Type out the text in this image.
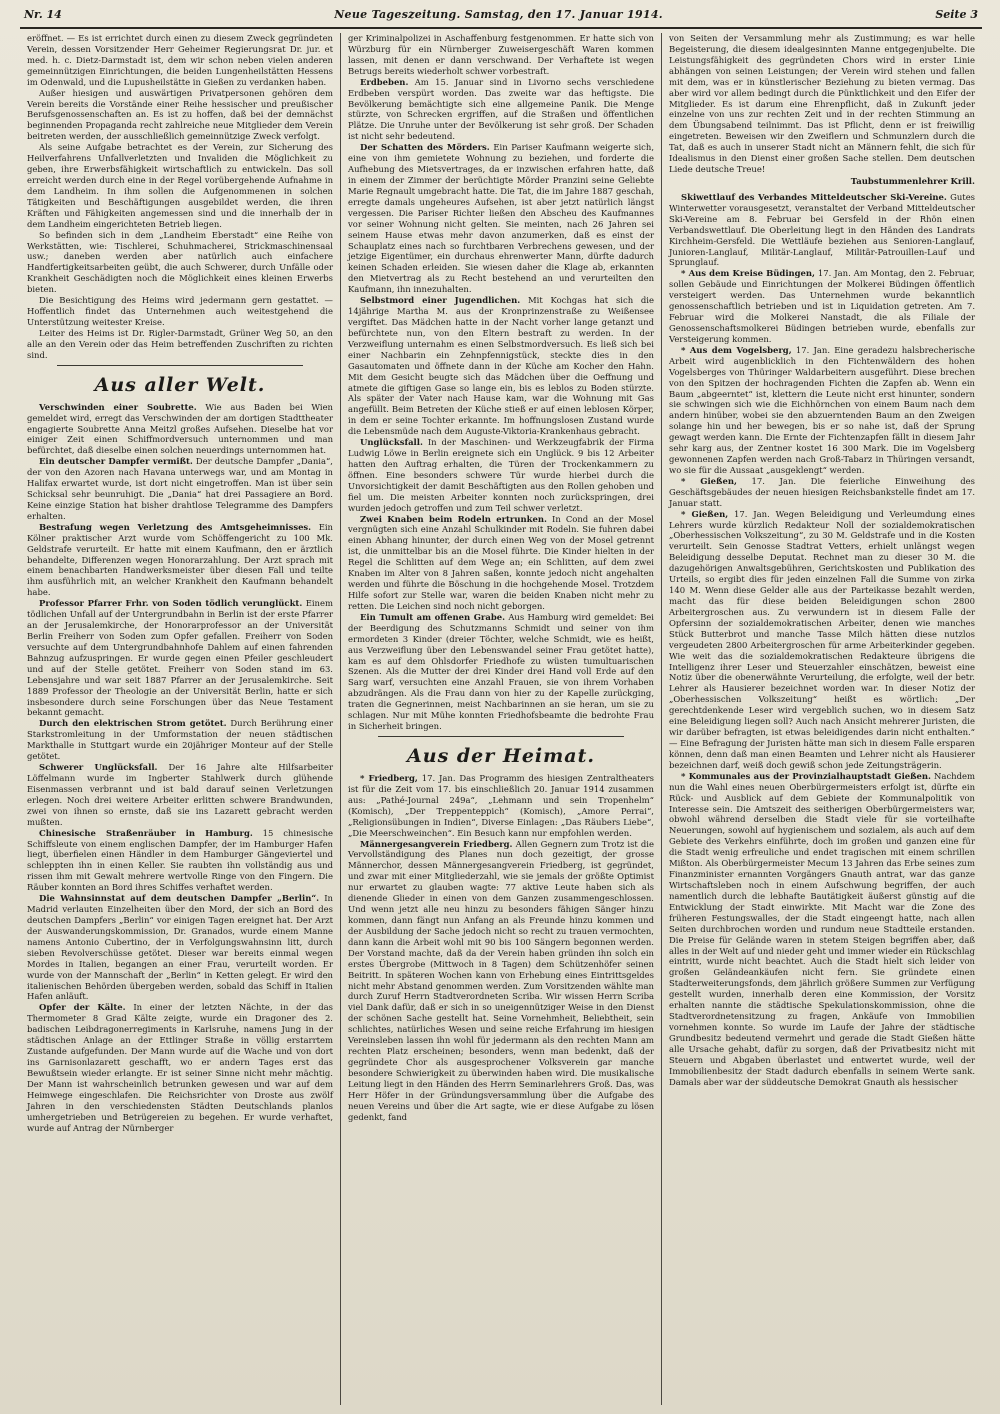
Nr. 14	Neue Tageszeitung. Samstag, den 17. Januar 1914.	Seite 3

eröffnet. — Es ist errichtet durch einen zu diesem Zweck gegründeten Verein, dessen Vorsitzender Herr Geheimer Regierungsrat Dr. jur. et med. h. c. Dietz-Darmstadt ist, dem wir schon neben vielen anderen gemeinnützigen Einrichtungen, die beiden Lungenheilstätten Hessens im Odenwald, und die Lupusheilstätte in Gießen zu verdanken haben.

Außer hiesigen und auswärtigen Privatpersonen gehören dem Verein bereits die Vorstände einer Reihe hessischer und preußischer Berufsgenossenschaften an. Es ist zu hoffen, daß bei der demnächst beginnenden Propaganda recht zahlreiche neue Mitglieder dem Verein beitreten werden, der ausschließlich gemeinnützige Zweck verfolgt.

Als seine Aufgabe betrachtet es der Verein, zur Sicherung des Heilverfahrens Unfallverletzten und Invaliden die Möglichkeit zu geben, ihre Erwerbsfähigkeit wirtschaftlich zu entwickeln. Das soll erreicht werden durch eine in der Regel vorübergehende Aufnahme in dem Landheim. In ihm sollen die Aufgenommenen in solchen Tätigkeiten und Beschäftigungen ausgebildet werden, die ihren Kräften und Fähigkeiten angemessen sind und die innerhalb der in dem Landheim eingerichteten Betrieb liegen.

So befinden sich in dem „Landheim Eberstadt“ eine Reihe von Werkstätten, wie: Tischlerei, Schuhmacherei, Strickmaschinensaal usw.; daneben werden aber natürlich auch einfachere Handfertigkeitsarbeiten geübt, die auch Schwerer, durch Unfälle oder Krankheit Geschädigten noch die Möglichkeit eines kleinen Erwerbs bieten.

Die Besichtigung des Heims wird jedermann gern gestattet. — Hoffentlich findet das Unternehmen auch weitestgehend die Unterstützung weitester Kreise.

Leiter des Heims ist Dr. Rigler-Darmstadt, Grüner Weg 50, an den alle an den Verein oder das Heim betreffenden Zuschriften zu richten sind.

Aus aller Welt.

Verschwinden einer Soubrette. Wie aus Baden bei Wien gemeldet wird, erregt das Verschwinden der am dortigen Stadttheater engagierte Soubrette Anna Meitzl großes Aufsehen. Dieselbe hat vor einiger Zeit einen Schiffmordversuch unternommen und man befürchtet, daß dieselbe einen solchen neuerdings unternommen hat.

Ein deutscher Dampfer vermißt. Der deutsche Dampfer „Dania“, der von den Azoren nach Havana unterwegs war, und am Montag in Halifax erwartet wurde, ist dort nicht eingetroffen. Man ist über sein Schicksal sehr beunruhigt. Die „Dania“ hat drei Passagiere an Bord. Keine einzige Station hat bisher drahtlose Telegramme des Dampfers erhalten.

Bestrafung wegen Verletzung des Amtsgeheimnisses. Ein Kölner praktischer Arzt wurde vom Schöffengericht zu 100 Mk. Geldstrafe verurteilt. Er hatte mit einem Kaufmann, den er ärztlich behandelte, Differenzen wegen Honorarzahlung. Der Arzt sprach mit einem benachbarten Handwerksmeister über diesen Fall und teilte ihm ausführlich mit, an welcher Krankheit den Kaufmann behandelt habe.

Professor Pfarrer Frhr. von Soden tödlich verunglückt. Einem tödlichen Unfall auf der Untergrundbahn in Berlin ist der erste Pfarrer an der Jerusalemkirche, der Honorarprofessor an der Universität Berlin Freiherr von Soden zum Opfer gefallen. Freiherr von Soden versuchte auf dem Untergrundbahnhofe Dahlem auf einen fahrenden Bahnzug aufzuspringen. Er wurde gegen einen Pfeiler geschleudert und auf der Stelle getötet. Freiherr von Soden stand im 63. Lebensjahre und war seit 1887 Pfarrer an der Jerusalemkirche. Seit 1889 Professor der Theologie an der Universität Berlin, hatte er sich insbesondere durch seine Forschungen über das Neue Testament bekannt gemacht.

Durch den elektrischen Strom getötet. Durch Berührung einer Starkstromleitung in der Umformstation der neuen städtischen Markthalle in Stuttgart wurde ein 20jähriger Monteur auf der Stelle getötet.

Schwerer Unglücksfall. Der 16 Jahre alte Hilfsarbeiter Löffelmann wurde im Ingberter Stahlwerk durch glühende Eisenmassen verbrannt und ist bald darauf seinen Verletzungen erlegen. Noch drei weitere Arbeiter erlitten schwere Brandwunden, zwei von ihnen so ernste, daß sie ins Lazarett gebracht werden mußten.

Chinesische Straßenräuber in Hamburg. 15 chinesische Schiffsleute von einem englischen Dampfer, der im Hamburger Hafen liegt, überfielen einen Händler in dem Hamburger Gängeviertel und schleppten ihn in einen Keller. Sie raubten ihn vollständig aus und rissen ihm mit Gewalt mehrere wertvolle Ringe von den Fingern. Die Räuber konnten an Bord ihres Schiffes verhaftet werden.

Die Wahnsinnstat auf dem deutschen Dampfer „Berlin“. In Madrid verlauten Einzelheiten über den Mord, der sich an Bord des deutschen Dampfers „Berlin“ vor einigen Tagen ereignet hat. Der Arzt der Auswanderungskommission, Dr. Granados, wurde einem Manne namens Antonio Cubertino, der in Verfolgungswahnsinn litt, durch sieben Revolverschüsse getötet. Dieser war bereits einmal wegen Mordes in Italien, begangen an einer Frau, verurteilt worden. Er wurde von der Mannschaft der „Berlin“ in Ketten gelegt. Er wird den italienischen Behörden übergeben werden, sobald das Schiff in Italien Hafen anläuft.

Opfer der Kälte. In einer der letzten Nächte, in der das Thermometer 8 Grad Kälte zeigte, wurde ein Dragoner des 2. badischen Leibdragonerregiments in Karlsruhe, namens Jung in der städtischen Anlage an der Ettlinger Straße in völlig erstarrtem Zustande aufgefunden. Der Mann wurde auf die Wache und von dort ins Garnisonlazarett geschafft, wo er andern Tages erst das Bewußtsein wieder erlangte. Er ist seiner Sinne nicht mehr mächtig. Der Mann ist wahrscheinlich betrunken gewesen und war auf dem Heimwege eingeschlafen. Die Reichsrichter von Droste aus zwölf Jahren in den verschiedensten Städten Deutschlands planlos umhergetrieben und Betrügereien zu begehen. Er wurde verhaftet, wurde auf Antrag der Nürnberger

ger Kriminalpolizei in Aschaffenburg festgenommen. Er hatte sich von Würzburg für ein Nürnberger Zuweisergeschäft Waren kommen lassen, mit denen er dann verschwand. Der Verhaftete ist wegen Betrugs bereits wiederholt schwer vorbestraft.

Erdbeben. Am 15. Januar sind in Livorno sechs verschiedene Erdbeben verspürt worden. Das zweite war das heftigste. Die Bevölkerung bemächtigte sich eine allgemeine Panik. Die Menge stürzte, von Schrecken ergriffen, auf die Straßen und öffentlichen Plätze. Die Unruhe unter der Bevölkerung ist sehr groß. Der Schaden ist nicht sehr bedeutend.

Der Schatten des Mörders. Ein Pariser Kaufmann weigerte sich, eine von ihm gemietete Wohnung zu beziehen, und forderte die Aufhebung des Mietsvertrages, da er inzwischen erfahren hatte, daß in einem der Zimmer der berüchtigte Mörder Pranzini seine Geliebte Marie Regnault umgebracht hatte. Die Tat, die im Jahre 1887 geschah, erregte damals ungeheures Aufsehen, ist aber jetzt natürlich längst vergessen. Die Pariser Richter ließen den Abscheu des Kaufmannes vor seiner Wohnung nicht gelten. Sie meinten, nach 26 Jahren sei seinem Hause etwas mehr davon anzumerken, daß es einst der Schauplatz eines nach so furchtbaren Verbrechens gewesen, und der jetzige Eigentümer, ein durchaus ehrenwerter Mann, dürfte dadurch keinen Schaden erleiden. Sie wiesen daher die Klage ab, erkannten den Mietvertrag als zu Recht bestehend an und verurteilten den Kaufmann, ihn innezuhalten.

Selbstmord einer Jugendlichen. Mit Kochgas hat sich die 14jährige Martha M. aus der Kronprinzenstraße zu Weißensee vergiftet. Das Mädchen hatte in der Nacht vorher lange getanzt und befürchtete nun, von den Eltern bestraft zu werden. In der Verzweiflung unternahm es einen Selbstmordversuch. Es ließ sich bei einer Nachbarin ein Zehnpfennigstück, steckte dies in den Gasautomaten und öffnete dann in der Küche am Kocher den Hahn. Mit dem Gesicht beugte sich das Mädchen über die Oeffnung und atmete die giftigen Gase so lange ein, bis es leblos zu Boden stürzte. Als später der Vater nach Hause kam, war die Wohnung mit Gas angefüllt. Beim Betreten der Küche stieß er auf einen leblosen Körper, in dem er seine Tochter erkannte. Im hoffnungslosen Zustand wurde die Lebensmüde nach dem Auguste-Viktoria-Krankenhaus gebracht.

Unglücksfall. In der Maschinen- und Werkzeugfabrik der Firma Ludwig Löwe in Berlin ereignete sich ein Unglück. 9 bis 12 Arbeiter hatten den Auftrag erhalten, die Türen der Trockenkammern zu öffnen. Eine besonders schwere Tür wurde hierbei durch die Unvorsichtigkeit der damit Beschäftigten aus den Rollen gehoben und fiel um. Die meisten Arbeiter konnten noch zurückspringen, drei wurden jedoch getroffen und zum Teil schwer verletzt.

Zwei Knaben beim Rodeln ertrunken. In Cond an der Mosel vergnügten sich eine Anzahl Schulkinder mit Rodeln. Sie fuhren dabei einen Abhang hinunter, der durch einen Weg von der Mosel getrennt ist, die unmittelbar bis an die Mosel führte. Die Kinder hielten in der Regel die Schlitten auf dem Wege an; ein Schlitten, auf dem zwei Knaben im Alter von 8 Jahren saßen, konnte jedoch nicht angehalten werden und führte die Böschung in die hochgehende Mosel. Trotzdem Hilfe sofort zur Stelle war, waren die beiden Knaben nicht mehr zu retten. Die Leichen sind noch nicht geborgen.

Ein Tumult am offenen Grabe. Aus Hamburg wird gemeldet: Bei der Beerdigung des Schutzmanns Schmidt und seiner von ihm ermordeten 3 Kinder (dreier Töchter, welche Schmidt, wie es heißt, aus Verzweiflung über den Lebenswandel seiner Frau getötet hatte), kam es auf dem Ohlsdorfer Friedhofe zu wüsten tumultuarischen Szenen. Als die Mutter der drei Kinder drei Hand voll Erde auf den Sarg warf, versuchten eine Anzahl Frauen, sie von ihrem Vorhaben abzudrängen. Als die Frau dann von hier zu der Kapelle zurückging, traten die Gegnerinnen, meist Nachbarinnen an sie heran, um sie zu schlagen. Nur mit Mühe konnten Friedhofsbeamte die bedrohte Frau in Sicherheit bringen.

Aus der Heimat.

* Friedberg, 17. Jan. Das Programm des hiesigen Zentraltheaters ist für die Zeit vom 17. bis einschließlich 20. Januar 1914 zusammen aus: „Pathé-Journal 249a“, „Lehmann und sein Tropenhelm“ (Komisch), „Der Treppenteppich“ (Komisch), „Amore Perrai“, „Religionsübungen in Indien“, Diverse Einlagen: „Das Räubers Liebe“, „Die Meerschweinchen“. Ein Besuch kann nur empfohlen werden.

Männergesangverein Friedberg. Allen Gegnern zum Trotz ist die Vervollständigung des Planes nun doch gezeitigt, der grosse Männerchor, dessen Männergesangverein Friedberg, ist gegründet, und zwar mit einer Mitgliederzahl, wie sie jemals der größte Optimist nur erwartet zu glauben wagte: 77 aktive Leute haben sich als dienende Glieder in einen von dem Ganzen zusammengeschlossen. Und wenn jetzt alle neu hinzu zu besonders fähigen Sänger hinzu kommen, dann fängt nun Anfang an als Freunde hinzu kommen und der Ausbildung der Sache jedoch nicht so recht zu trauen vermochten, dann kann die Arbeit wohl mit 90 bis 100 Sängern begonnen werden. Der Vorstand machte, daß da der Verein haben gründen ihn solch ein erstes Übergrobe (Mittwoch in 8 Tagen) dem Schützenhöfer seinen Beitritt. In späteren Wochen kann von Erhebung eines Eintrittsgeldes nicht mehr Abstand genommen werden. Zum Vorsitzenden wählte man durch Zuruf Herrn Stadtverordneten Scriba. Wir wissen Herrn Scriba viel Dank dafür, daß er sich in so uneigennütziger Weise in den Dienst der schönen Sache gestellt hat. Seine Vornehmheit, Beliebtheit, sein schlichtes, natürliches Wesen und seine reiche Erfahrung im hiesigen Vereinsleben lassen ihn wohl für jedermann als den rechten Mann am rechten Platz erscheinen; besonders, wenn man bedenkt, daß der gegründete Chor als ausgesprochener Volksverein gar manche besondere Schwierigkeit zu überwinden haben wird. Die musikalische Leitung liegt in den Händen des Herrn Seminarlehrers Groß. Das, was Herr Höfer in der Gründungsversammlung über die Aufgabe des neuen Vereins und über die Art sagte, wie er diese Aufgabe zu lösen gedenkt, fand

von Seiten der Versammlung mehr als Zustimmung; es war helle Begeisterung, die diesem idealgesinnten Manne entgegenjubelte. Die Leistungsfähigkeit des gegründeten Chors wird in erster Linie abhängen von seinen Leistungen; der Verein wird stehen und fallen mit dem, was er in künstlerischer Beziehung zu bieten vermag. Das aber wird vor allem bedingt durch die Pünktlichkeit und den Eifer der Mitglieder. Es ist darum eine Ehrenpflicht, daß in Zukunft jeder einzelne von uns zur rechten Zeit und in der rechten Stimmung an dem Übungsabend teilnimmt. Das ist Pflicht, denn er ist freiwillig eingetreten. Beweisen wir den Zweiflern und Schmunzlern durch die Tat, daß es auch in unserer Stadt nicht an Männern fehlt, die sich für Idealismus in den Dienst einer großen Sache stellen. Dem deutschen Liede deutsche Treue!

Taubstummenlehrer Krill.

Skiwettlauf des Verbandes Mitteldeutscher Ski-Vereine. Gutes Winterwetter vorausgesetzt, veranstaltet der Verband Mitteldeutscher Ski-Vereine am 8. Februar bei Gersfeld in der Rhön einen Verbandswettlauf. Die Oberleitung liegt in den Händen des Landrats Kirchheim-Gersfeld. Die Wettläufe beziehen aus Senioren-Langlauf, Junioren-Langlauf, Militär-Langlauf, Militär-Patrouillen-Lauf und Sprunglauf.

* Aus dem Kreise Büdingen, 17. Jan. Am Montag, den 2. Februar, sollen Gebäude und Einrichtungen der Molkerei Büdingen öffentlich versteigert werden. Das Unternehmen wurde bekanntlich genossenschaftlich betrieben und ist in Liquidation getreten. Am 7. Februar wird die Molkerei Nanstadt, die als Filiale der Genossenschaftsmolkerei Büdingen betrieben wurde, ebenfalls zur Versteigerung kommen.

* Aus dem Vogelsberg, 17. Jan. Eine geradezu halsbrecherische Arbeit wird augenblicklich in den Fichtenwäldern des hohen Vogelsberges von Thüringer Waldarbeitern ausgeführt. Diese brechen von den Spitzen der hochragenden Fichten die Zapfen ab. Wenn ein Baum „abgeerntet“ ist, klettern die Leute nicht erst hinunter, sondern sie schwingen sich wie die Eichhörnchen von einem Baum nach dem andern hinüber, wobei sie den abzuerntenden Baum an den Zweigen solange hin und her bewegen, bis er so nahe ist, daß der Sprung gewagt werden kann. Die Ernte der Fichtenzapfen fällt in diesem Jahr sehr karg aus, der Zentner kostet 16 300 Mark. Die im Vogelsberg gewonnenen Zapfen werden nach Groß-Tabarz in Thüringen versandt, wo sie für die Aussaat „ausgeklengt“ werden.

* Gießen, 17. Jan. Die feierliche Einweihung des Geschäftsgebäudes der neuen hiesigen Reichsbankstelle findet am 17. Januar statt.

* Gießen, 17. Jan. Wegen Beleidigung und Verleumdung eines Lehrers wurde kürzlich Redakteur Noll der sozialdemokratischen „Oberhessischen Volkszeitung“, zu 30 M. Geldstrafe und in die Kosten verurteilt. Sein Genosse Stadtrat Vetters, erhielt unlängst wegen Beleidigung desselbe Deputat. Rechnet man zu dieser 30 M. die dazugehörigen Anwaltsgebühren, Gerichtskosten und Publikation des Urteils, so ergibt dies für jeden einzelnen Fall die Summe von zirka 140 M. Wenn diese Gelder alle aus der Parteikasse bezahlt werden, macht das für diese beiden Beleidigungen schon 2800 Arbeitergroschen aus. Zu verwundern ist in diesem Falle der Opfersinn der sozialdemokratischen Arbeiter, denen wie manches Stück Butterbrot und manche Tasse Milch hätten diese nutzlos vergeudeten 2800 Arbeitergroschen für arme Arbeiterkinder gegeben. Wie weit das die sozialdemokratischen Redakteure übrigens die Intelligenz ihrer Leser und Steuerzahler einschätzen, beweist eine Notiz über die obenerwähnte Verurteilung, die erfolgte, weil der betr. Lehrer als Hausierer bezeichnet worden war. In dieser Notiz der „Oberhessischen Volkszeitung“ heißt es wörtlich: „Der gerechtdenkende Leser wird vergeblich suchen, wo in diesem Satz eine Beleidigung liegen soll? Auch nach Ansicht mehrerer Juristen, die wir darüber befragten, ist etwas beleidigendes darin nicht enthalten.“ — Eine Befragung der Juristen hätte man sich in diesem Falle ersparen können, denn daß man einen Beamten und Lehrer nicht als Hausierer bezeichnen darf, weiß doch gewiß schon jede Zeitungsträgerin.

* Kommunales aus der Provinzialhauptstadt Gießen. Nachdem nun die Wahl eines neuen Oberbürgermeisters erfolgt ist, dürfte ein Rück- und Ausblick auf dem Gebiete der Kommunalpolitik von Interesse sein. Die Amtszeit des seitherigen Oberbürgermeisters war, obwohl während derselben die Stadt viele für sie vorteilhafte Neuerungen, sowohl auf hygienischem und sozialem, als auch auf dem Gebiete des Verkehrs einführte, doch im großen und ganzen eine für die Stadt wenig erfreuliche und endet tragischen mit einem schrillen Mißton. Als Oberbürgermeister Mecum 13 Jahren das Erbe seines zum Finanzminister ernannten Vorgängers Gnauth antrat, war das ganze Wirtschaftsleben noch in einem Aufschwung begriffen, der auch namentlich durch die lebhafte Bautätigkeit äußerst günstig auf die Entwicklung der Stadt einwirkte. Mit Macht war die Zone des früheren Festungswalles, der die Stadt eingeengt hatte, nach allen Seiten durchbrochen worden und rundum neue Stadtteile erstanden. Die Preise für Gelände waren in stetem Steigen begriffen aber, daß alles in der Welt auf und nieder geht und immer wieder ein Rückschlag eintritt, wurde nicht beachtet. Auch die Stadt hielt sich leider von großen Geländeankäufen nicht fern. Sie gründete einen Stadterweiterungsfonds, dem jährlich größere Summen zur Verfügung gestellt wurden, innerhalb deren eine Kommission, der Vorsitz erhalten nannte die städtische Spekulationskommission, ohne die Stadtverordnetensitzung zu fragen, Ankäufe von Immobilien vornehmen konnte. So wurde im Laufe der Jahre der städtische Grundbesitz bedeutend vermehrt und gerade die Stadt Gießen hätte alle Ursache gehabt, dafür zu sorgen, daß der Privatbesitz nicht mit Steuern und Abgaben überlastet und entwertet wurde, weil der Immobilienbesitz der Stadt dadurch ebenfalls in seinem Werte sank. Damals aber war der süddeutsche Demokrat Gnauth als hessischer
